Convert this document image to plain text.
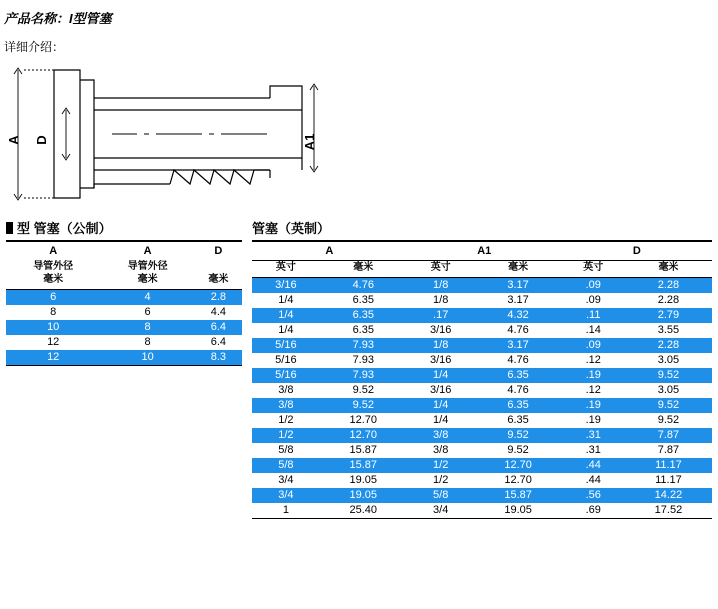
产品名称：I型管塞
详细介绍：
A D	A1
型 管塞（公制）
A	A	D
导管外径	导管外径	
毫米	毫米	毫米

6	4	2.8
8	6	4.4
10	8	6.4
12	8	6.4
12	10	8.3
管塞（英制）
A		A1		D	
英寸	毫米	英寸	毫米	英寸	毫米

3/16	4.76	1/8	3.17	.09	2.28
1/4	6.35	1/8	3.17	.09	2.28
1/4	6.35	.17	4.32	.11	2.79
1/4	6.35	3/16	4.76	.14	3.55
5/16	7.93	1/8	3.17	.09	2.28
5/16	7.93	3/16	4.76	.12	3.05
5/16	7.93	1/4	6.35	.19	9.52
3/8	9.52	3/16	4.76	.12	3.05
3/8	9.52	1/4	6.35	.19	9.52
1/2	12.70	1/4	6.35	.19	9.52
1/2	12.70	3/8	9.52	.31	7.87
5/8	15.87	3/8	9.52	.31	7.87
5/8	15.87	1/2	12.70	.44	11.17
3/4	19.05	1/2	12.70	.44	11.17
3/4	19.05	5/8	15.87	.56	14.22
1	25.40	3/4	19.05	.69	17.52
